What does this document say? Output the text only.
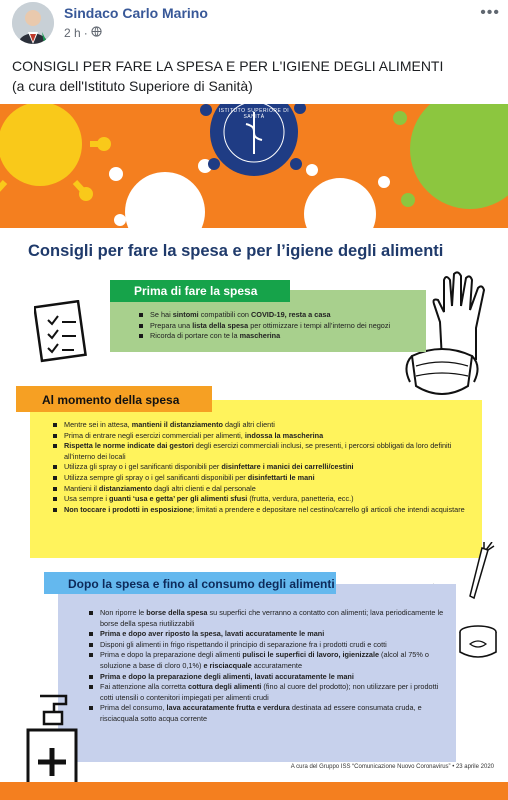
Sindaco Carlo Marino
2 h ·
•••
CONSIGLI PER FARE LA SPESA E PER L'IGIENE DEGLI ALIMENTI
(a cura dell'Istituto Superiore di Sanità)
ISTITUTO SUPERIORE DI SANITÀ
Consigli per fare la spesa e per l’igiene degli alimenti
Prima di fare la spesa
Se hai sintomi compatibili con COVID-19, resta a casa
Prepara una lista della spesa per ottimizzare i tempi all’interno dei negozi
Ricorda di portare con te la mascherina
Al momento della spesa
Mentre sei in attesa, mantieni il distanziamento dagli altri clienti
Prima di entrare negli esercizi commerciali per alimenti, indossa la mascherina
Rispetta le norme indicate dai gestori degli esercizi commerciali inclusi, se presenti, i percorsi obbligati da loro definiti all’interno dei locali
Utilizza gli spray o i gel sanificanti disponibili per disinfettare i manici dei carrelli/cestini
Utilizza sempre gli spray o i gel sanificanti disponibili per disinfettarti le mani
Mantieni il distanziamento dagli altri clienti e dal personale
Usa sempre i guanti ‘usa e getta’ per gli alimenti sfusi (frutta, verdura, panetteria, ecc.)
Non toccare i prodotti in esposizione; limitati a prendere e depositare nel cestino/carrello gli articoli che intendi acquistare
Dopo la spesa e fino al consumo degli alimenti
Non riporre le borse della spesa su superfici che verranno a contatto con alimenti; lava periodicamente le borse della spesa riutilizzabili
Prima e dopo aver riposto la spesa, lavati accuratamente le mani
Disponi gli alimenti in frigo rispettando il principio di separazione fra i prodotti crudi e cotti
Prima e dopo la preparazione degli alimenti pulisci le superfici di lavoro, igienizzale (alcol al 75% o soluzione a base di cloro 0,1%) e risciacquale accuratamente
Prima e dopo la preparazione degli alimenti, lavati accuratamente le mani
Fai attenzione alla corretta cottura degli alimenti (fino al cuore del prodotto); non utilizzare per i prodotti cotti utensili o contenitori impiegati per alimenti crudi
Prima del consumo, lava accuratamente frutta e verdura destinata ad essere consumata cruda, e risciacquala sotto acqua corrente
A cura del Gruppo ISS “Comunicazione Nuovo Coronavirus” • 23 aprile 2020
